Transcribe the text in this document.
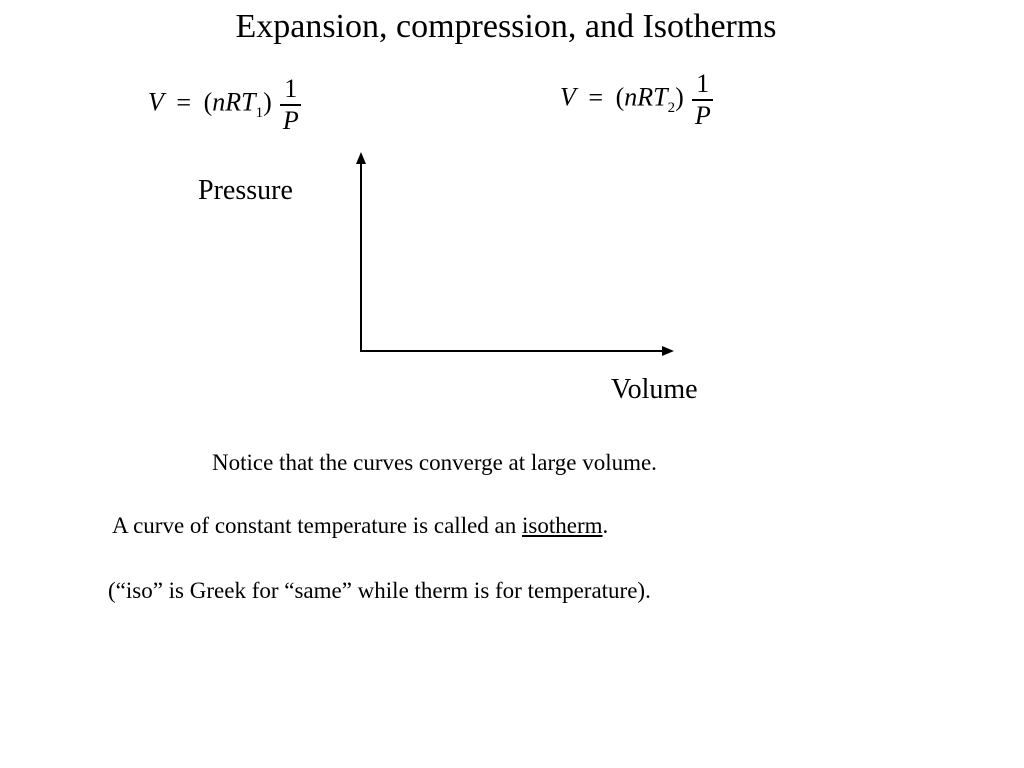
Expansion, compression, and Isotherms
$V = (nRT_1) \frac{1}{P}$	$V = (nRT_2) \frac{1}{P}$
Pressure
Volume
Notice that the curves converge at large volume.
A curve of constant temperature is called an isotherm.
(“iso” is Greek for “same” while therm is for temperature).
